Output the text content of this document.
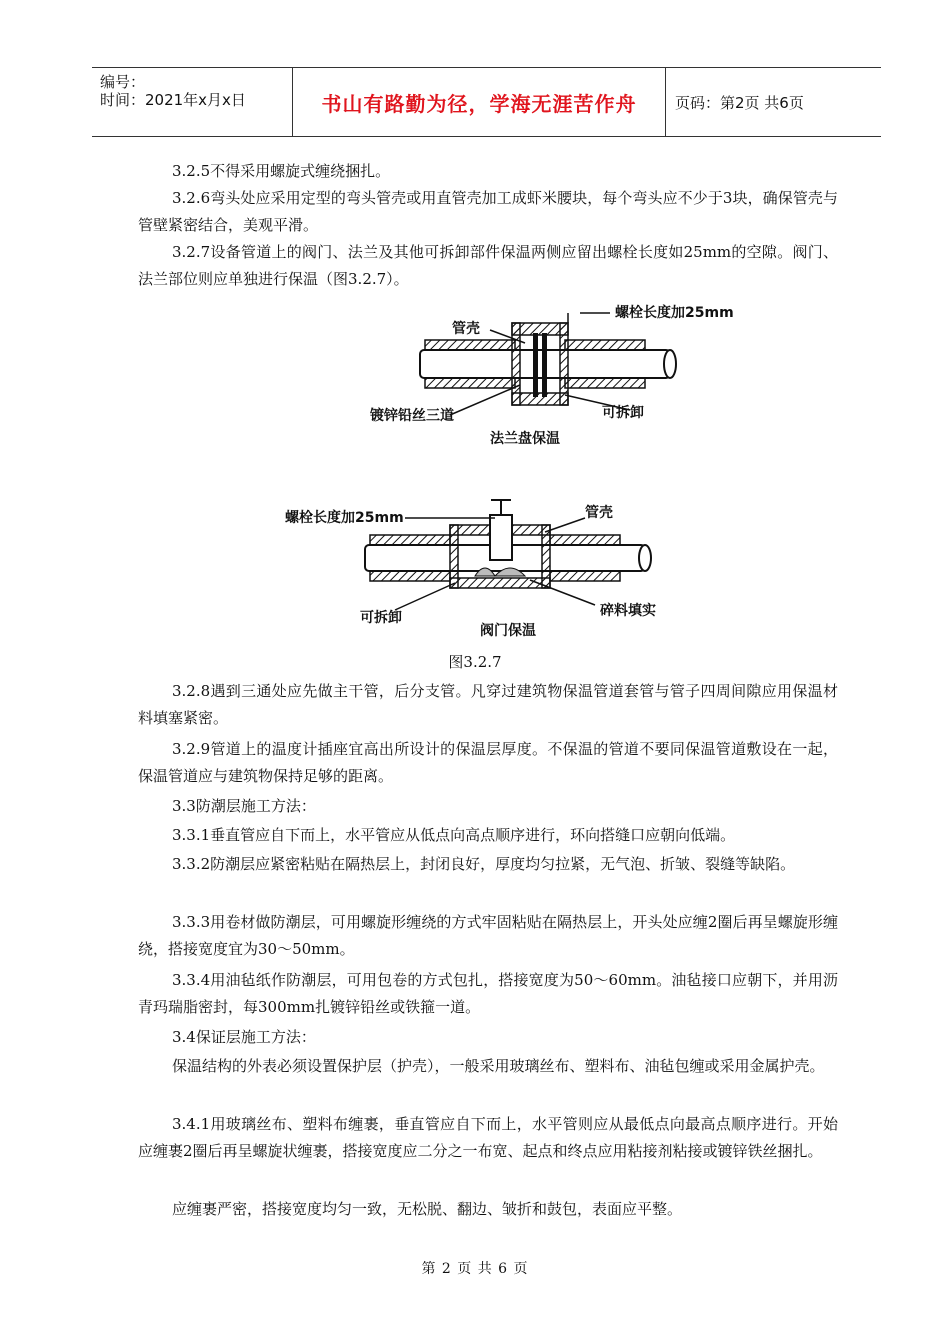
编号：
时间：2021年x月x日	书山有路勤为径，学海无涯苦作舟	页码：第2页 共6页

3.2.5不得采用螺旋式缠绕捆扎。

3.2.6弯头处应采用定型的弯头管壳或用直管壳加工成虾米腰块，每个弯头应不少于3块，确保管壳与管壁紧密结合，美观平滑。

3.2.7设备管道上的阀门、法兰及其他可拆卸部件保温两侧应留出螺栓长度如25mm的空隙。阀门、法兰部位则应单独进行保温（图3.2.7）。

管壳
螺栓长度加25mm
镀锌铅丝三道	可拆卸
法兰盘保温
螺栓长度加25mm	管壳
可拆卸	碎料填实
阀门保温
图3.2.7

3.2.8遇到三通处应先做主干管，后分支管。凡穿过建筑物保温管道套管与管子四周间隙应用保温材料填塞紧密。

3.2.9管道上的温度计插座宜高出所设计的保温层厚度。不保温的管道不要同保温管道敷设在一起，保温管道应与建筑物保持足够的距离。

3.3防潮层施工方法：

3.3.1垂直管应自下而上，水平管应从低点向高点顺序进行，环向搭缝口应朝向低端。

3.3.2防潮层应紧密粘贴在隔热层上，封闭良好，厚度均匀拉紧，无气泡、折皱、裂缝等缺陷。

3.3.3用卷材做防潮层，可用螺旋形缠绕的方式牢固粘贴在隔热层上，开头处应缠2圈后再呈螺旋形缠绕，搭接宽度宜为30～50mm。

3.3.4用油毡纸作防潮层，可用包卷的方式包扎，搭接宽度为50～60mm。油毡接口应朝下，并用沥青玛瑞脂密封，每300mm扎镀锌铅丝或铁箍一道。

3.4保证层施工方法：

保温结构的外表必须设置保护层（护壳），一般采用玻璃丝布、塑料布、油毡包缠或采用金属护壳。

3.4.1用玻璃丝布、塑料布缠裹，垂直管应自下而上，水平管则应从最低点向最高点顺序进行。开始应缠裹2圈后再呈螺旋状缠裹，搭接宽度应二分之一布宽、起点和终点应用粘接剂粘接或镀锌铁丝捆扎。

应缠裹严密，搭接宽度均匀一致，无松脱、翻边、皱折和鼓包，表面应平整。

第 2 页 共 6 页
